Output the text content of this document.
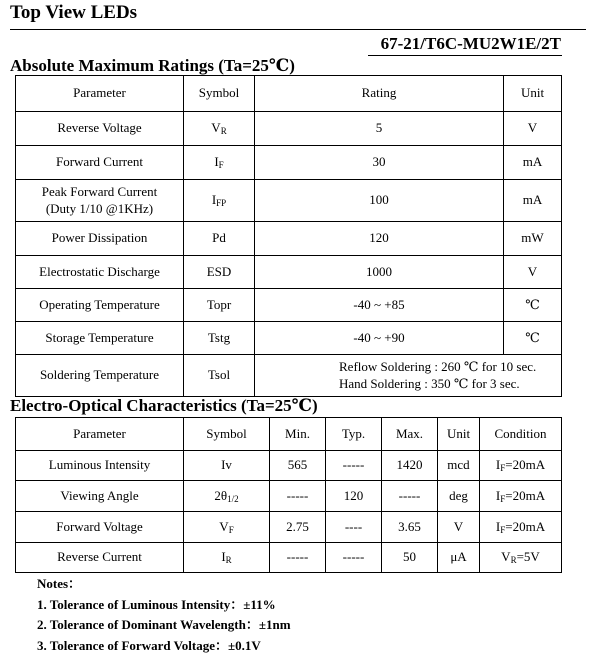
Top View LEDs
67-21/T6C-MU2W1E/2T
Absolute Maximum Ratings (Ta=25℃)
Parameter	Symbol	Rating	Unit
Reverse Voltage	$V_R$	5	V
Forward Current	$I_F$	30	mA

Peak Forward Current
(Duty 1/10 @1KHz)	$I_{FP}$	100	mA
Power Dissipation	Pd	120	mW
Electrostatic Discharge	ESD	1000	V
Operating Temperature	Topr	-40 ~ +85	℃
Storage Temperature	Tstg	-40 ~ +90	℃
Soldering Temperature	Tsol	Reflow Soldering : 260 ℃ for 10 sec.
Hand Soldering : 350 ℃ for 3 sec.	
Electro-Optical Characteristics (Ta=25℃)
Parameter	Symbol	Min.	Typ.	Max.	Unit	Condition
Luminous Intensity	Iv	565	-----	1420	mcd	$I_F=20mA$
Viewing Angle	$2\theta_{1/2}$	-----	120	-----	deg	$I_F=20mA$
Forward Voltage	$V_F$	2.75	----	3.65	V	$I_F=20mA$
Reverse Current	$I_R$	-----	-----	50	μA	$V_R=5V$
Notes：
1. Tolerance of Luminous Intensity：±11%
2. Tolerance of Dominant Wavelength：±1nm
3. Tolerance of Forward Voltage：±0.1V
